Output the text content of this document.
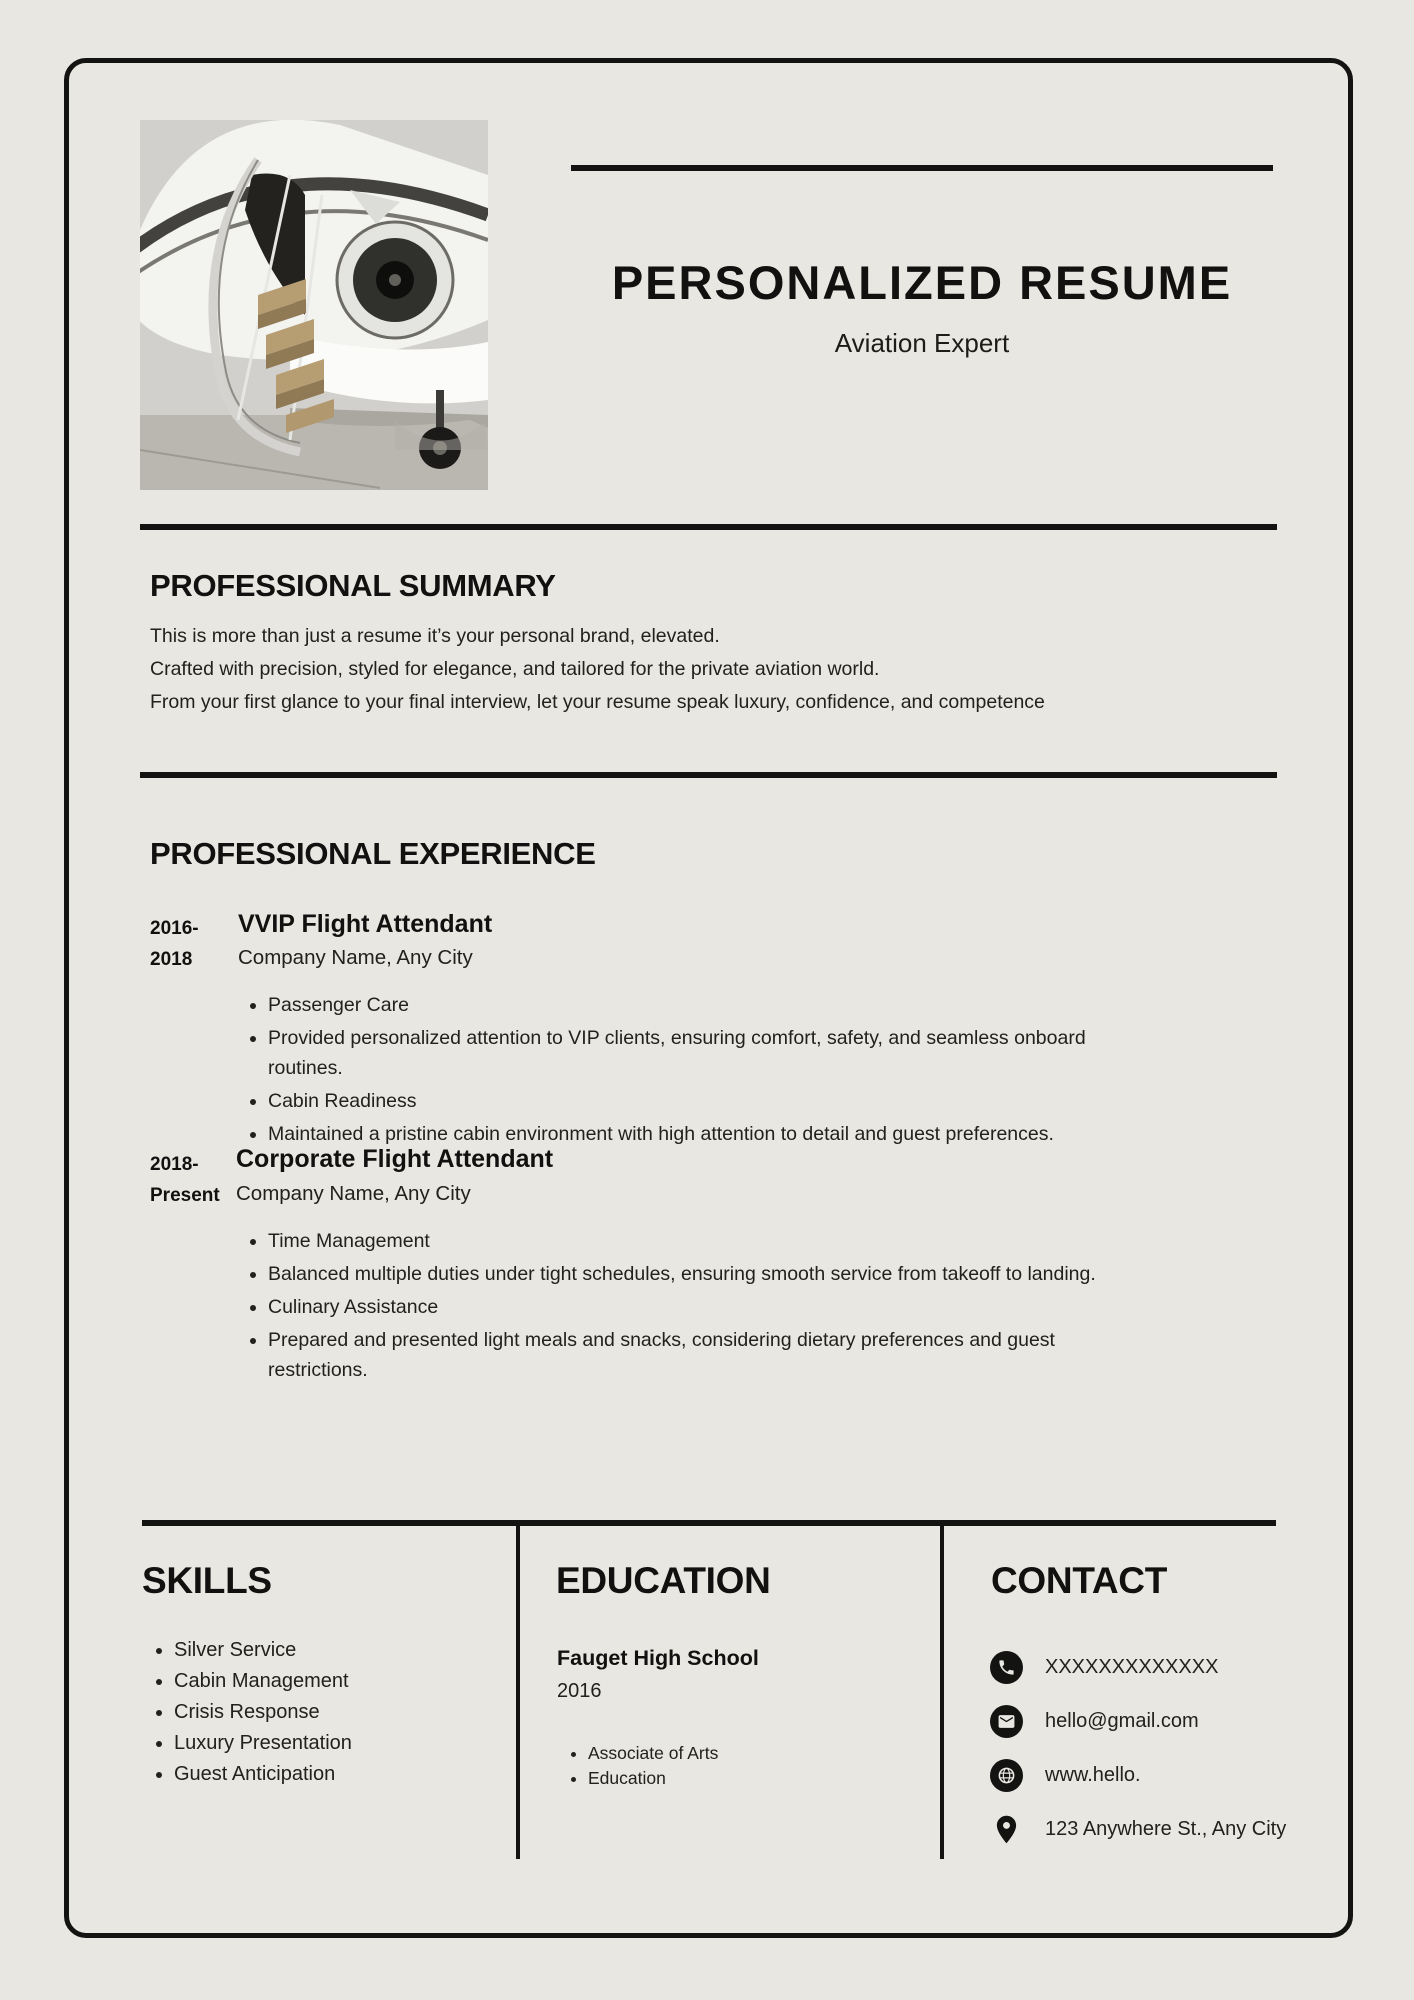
PERSONALIZED RESUME
Aviation Expert
PROFESSIONAL SUMMARY
This is more than just a resume it’s your personal brand, elevated.
Crafted with precision, styled for elegance, and tailored for the private aviation world.
From your first glance to your final interview, let your resume speak luxury, confidence, and competence
PROFESSIONAL EXPERIENCE
2016-
2018
VVIP Flight Attendant
Company Name, Any City
• Passenger Care
• Provided personalized attention to VIP clients, ensuring comfort, safety, and seamless onboard routines.
• Cabin Readiness
• Maintained a pristine cabin environment with high attention to detail and guest preferences.
2018-
Present
Corporate Flight Attendant
Company Name, Any City
• Time Management
• Balanced multiple duties under tight schedules, ensuring smooth service from takeoff to landing.
• Culinary Assistance
• Prepared and presented light meals and snacks, considering dietary preferences and guest restrictions.
SKILLS
• Silver Service
• Cabin Management
• Crisis Response
• Luxury Presentation
• Guest Anticipation
EDUCATION
Fauget High School
2016
• Associate of Arts
• Education
CONTACT
XXXXXXXXXXXXX
hello@gmail.com
www.hello.
123 Anywhere St., Any City
